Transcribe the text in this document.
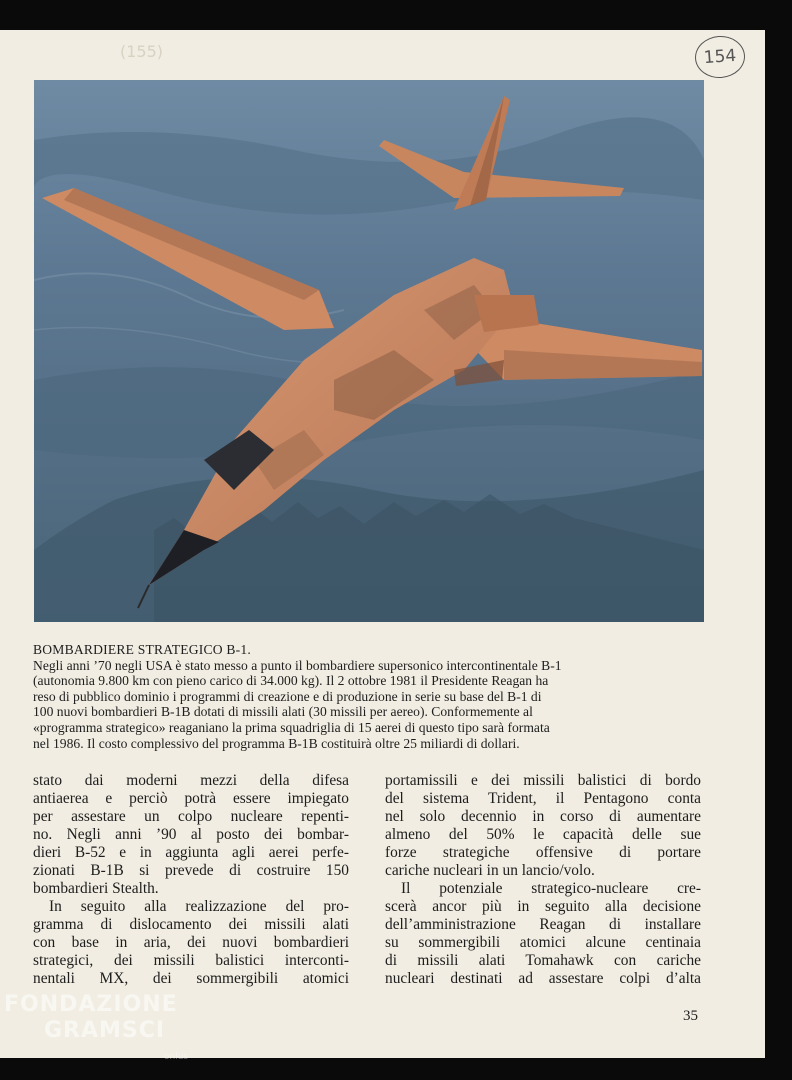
(155)	154
BOMBARDIERE STRATEGICO B-1.
Negli anni ’70 negli USA è stato messo a punto il bombardiere supersonico intercontinentale B-1
(autonomia 9.800 km con pieno carico di 34.000 kg). Il 2 ottobre 1981 il Presidente Reagan ha
reso di pubblico dominio i programmi di creazione e di produzione in serie su base del B-1 di
100 nuovi bombardieri B-1B dotati di missili alati (30 missili per aereo). Conformemente al
«programma strategico» reaganiano la prima squadriglia di 15 aerei di questo tipo sarà formata
nel 1986. Il costo complessivo del programma B-1B costituirà oltre 25 miliardi di dollari.
stato dai moderni mezzi della difesa
antiaerea e perciò potrà essere impiegato
per assestare un colpo nucleare repenti-
no. Negli anni ’90 al posto dei bombar-
dieri B-52 e in aggiunta agli aerei perfe-
zionati B-1B si prevede di costruire 150
bombardieri Stealth.
In seguito alla realizzazione del pro-
gramma di dislocamento dei missili alati
con base in aria, dei nuovi bombardieri
strategici, dei missili balistici interconti-
nentali MX, dei sommergibili atomici
portamissili e dei missili balistici di bordo
del sistema Trident, il Pentagono conta
nel solo decennio in corso di aumentare
almeno del 50% le capacità delle sue
forze strategiche offensive di portare
cariche nucleari in un lancio/volo.
Il potenziale strategico-nucleare cre-
scerà ancor più in seguito alla decisione
dell’amministrazione Reagan di installare
su sommergibili atomici alcune centinaia
di missili alati Tomahawk con cariche
nucleari destinati ad assestare colpi d’alta
35
FONDAZIONE
GRAMSCI
onlus
